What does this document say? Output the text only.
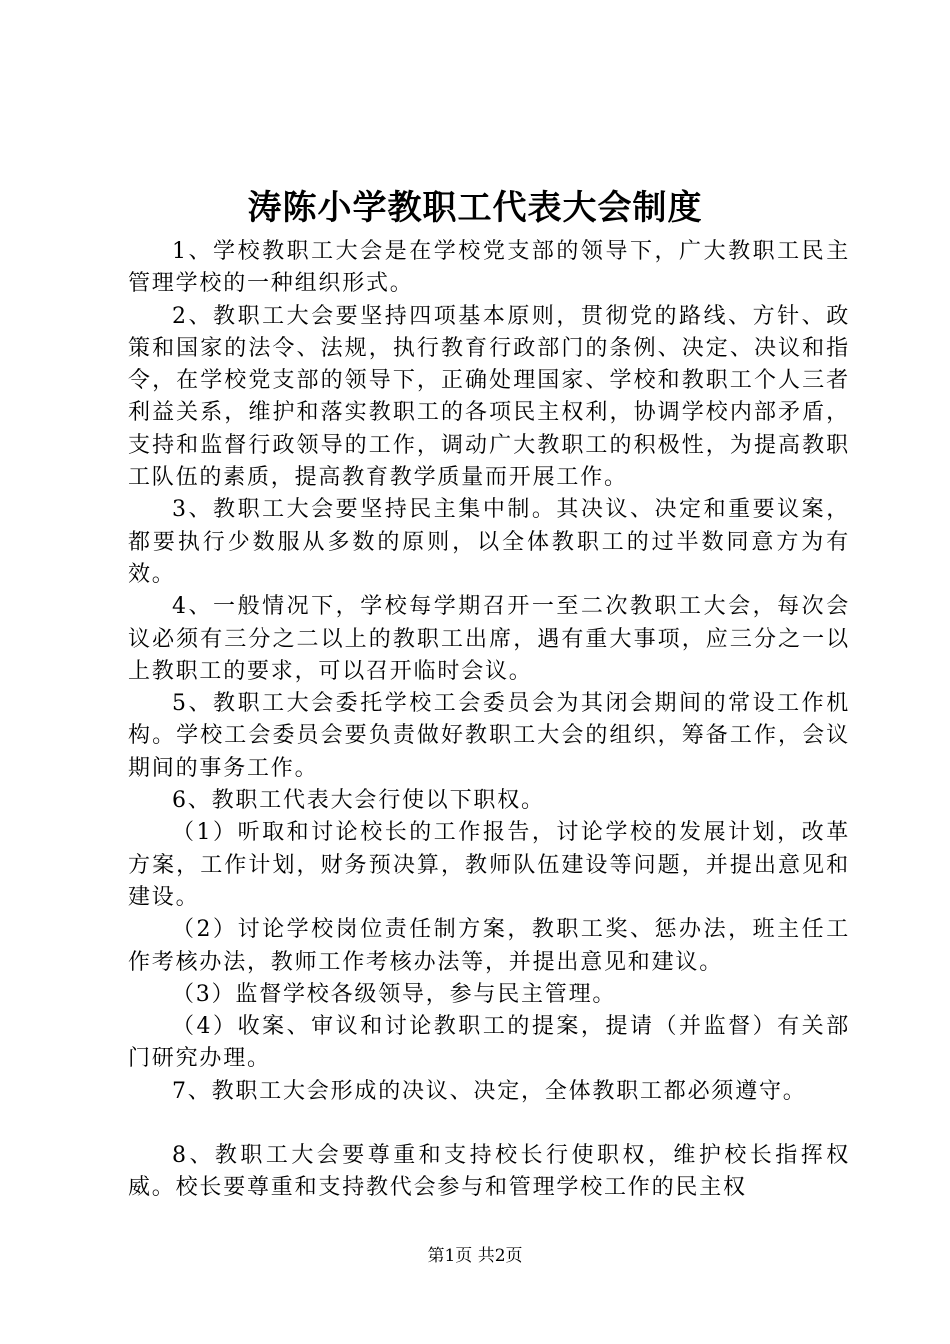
涛陈小学教职工代表大会制度

1、学校教职工大会是在学校党支部的领导下，广大教职工民主管理学校的一种组织形式。

2、教职工大会要坚持四项基本原则，贯彻党的路线、方针、政策和国家的法令、法规，执行教育行政部门的条例、决定、决议和指令，在学校党支部的领导下，正确处理国家、学校和教职工个人三者利益关系，维护和落实教职工的各项民主权利，协调学校内部矛盾，支持和监督行政领导的工作，调动广大教职工的积极性，为提高教职工队伍的素质，提高教育教学质量而开展工作。

3、教职工大会要坚持民主集中制。其决议、决定和重要议案，都要执行少数服从多数的原则，以全体教职工的过半数同意方为有效。

4、一般情况下，学校每学期召开一至二次教职工大会，每次会议必须有三分之二以上的教职工出席，遇有重大事项，应三分之一以上教职工的要求，可以召开临时会议。

5、教职工大会委托学校工会委员会为其闭会期间的常设工作机构。学校工会委员会要负责做好教职工大会的组织，筹备工作，会议期间的事务工作。

6、教职工代表大会行使以下职权。

（1）听取和讨论校长的工作报告，讨论学校的发展计划，改革方案，工作计划，财务预决算，教师队伍建设等问题，并提出意见和建设。

（2）讨论学校岗位责任制方案，教职工奖、惩办法，班主任工作考核办法，教师工作考核办法等，并提出意见和建议。

（3）监督学校各级领导，参与民主管理。

（4）收案、审议和讨论教职工的提案，提请（并监督）有关部门研究办理。

7、教职工大会形成的决议、决定，全体教职工都必须遵守。

8、教职工大会要尊重和支持校长行使职权，维护校长指挥权威。校长要尊重和支持教代会参与和管理学校工作的民主权

第1页 共2页
